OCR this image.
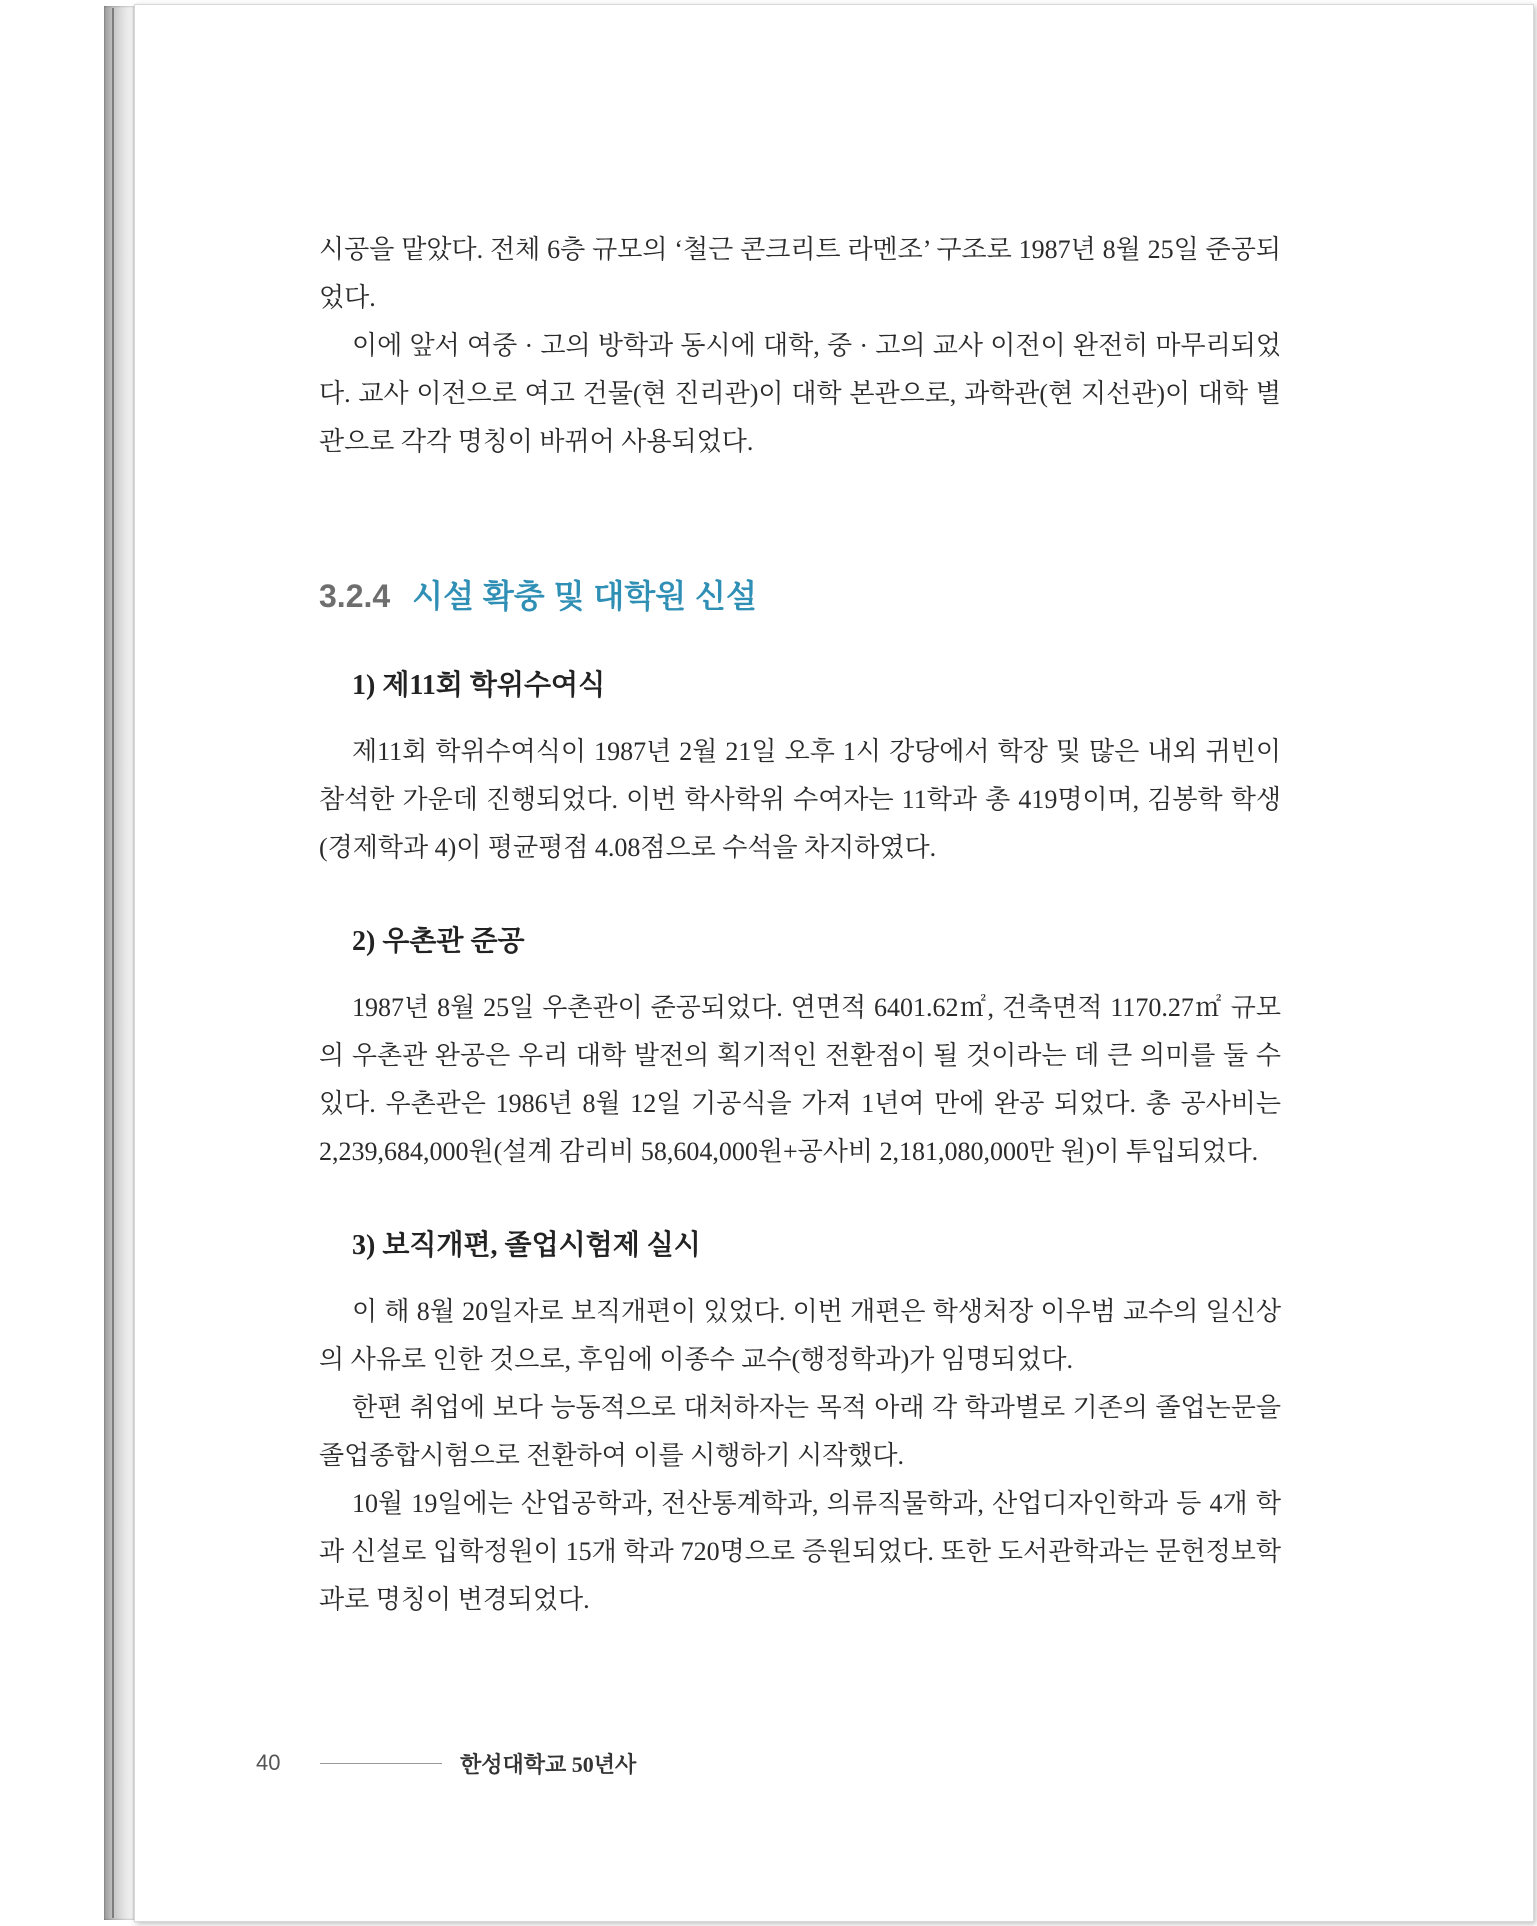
시공을 맡았다. 전체 6층 규모의 ‘철근 콘크리트 라멘조’ 구조로 1987년 8월 25일 준공되었다.

이에 앞서 여중 · 고의 방학과 동시에 대학, 중 · 고의 교사 이전이 완전히 마무리되었다. 교사 이전으로 여고 건물(현 진리관)이 대학 본관으로, 과학관(현 지선관)이 대학 별관으로 각각 명칭이 바뀌어 사용되었다.

3.2.4 시설 확충 및 대학원 신설
1) 제11회 학위수여식

제11회 학위수여식이 1987년 2월 21일 오후 1시 강당에서 학장 및 많은 내외 귀빈이 참석한 가운데 진행되었다. 이번 학사학위 수여자는 11학과 총 419명이며, 김봉학 학생(경제학과 4)이 평균평점 4.08점으로 수석을 차지하였다.

2) 우촌관 준공

1987년 8월 25일 우촌관이 준공되었다. 연면적 6401.62㎡, 건축면적 1170.27㎡ 규모의 우촌관 완공은 우리 대학 발전의 획기적인 전환점이 될 것이라는 데 큰 의미를 둘 수 있다. 우촌관은 1986년 8월 12일 기공식을 가져 1년여 만에 완공 되었다. 총 공사비는 2,239,684,000원(설계 감리비 58,604,000원+공사비 2,181,080,000만 원)이 투입되었다.

3) 보직개편, 졸업시험제 실시

이 해 8월 20일자로 보직개편이 있었다. 이번 개편은 학생처장 이우범 교수의 일신상의 사유로 인한 것으로, 후임에 이종수 교수(행정학과)가 임명되었다.

한편 취업에 보다 능동적으로 대처하자는 목적 아래 각 학과별로 기존의 졸업논문을 졸업종합시험으로 전환하여 이를 시행하기 시작했다.

10월 19일에는 산업공학과, 전산통계학과, 의류직물학과, 산업디자인학과 등 4개 학과 신설로 입학정원이 15개 학과 720명으로 증원되었다. 또한 도서관학과는 문헌정보학과로 명칭이 변경되었다.

40	한성대학교 50년사
